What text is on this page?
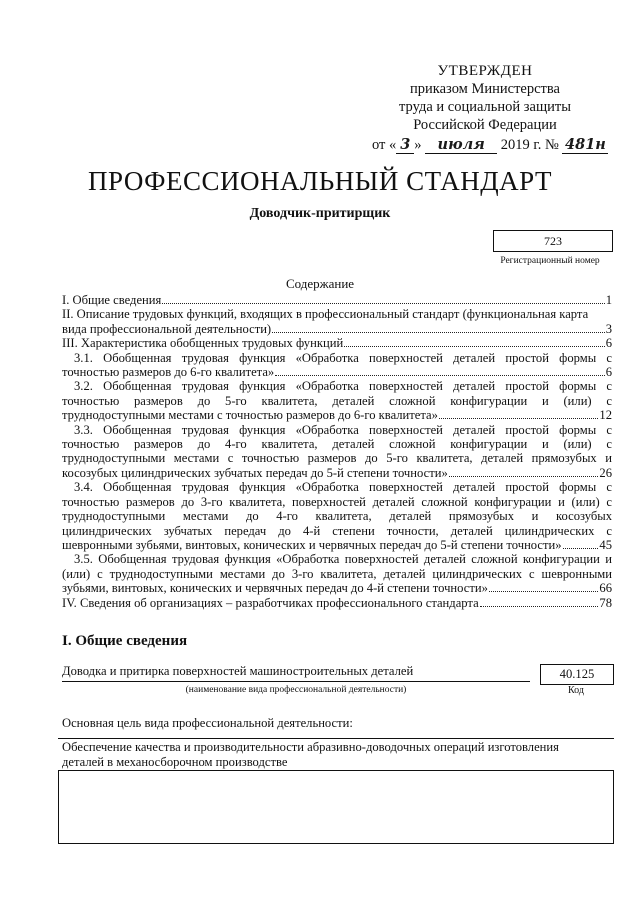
УТВЕРЖДЕН
приказом Министерства
труда и социальной защиты
Российской Федерации
от « 3 » июля 2019 г. № 481н
ПРОФЕССИОНАЛЬНЫЙ СТАНДАРТ
Доводчик-притирщик
723
Регистрационный номер
Содержание
I. Общие сведения	1
II. Описание трудовых функций, входящих в профессиональный стандарт (функциональная карта
вида профессиональной деятельности)	3
III. Характеристика обобщенных трудовых функций	6
3.1. Обобщенная трудовая функция «Обработка поверхностей деталей простой формы с
точностью размеров до 6-го квалитета»	6
3.2. Обобщенная трудовая функция «Обработка поверхностей деталей простой формы с
точностью размеров до 5-го квалитета, деталей сложной конфигурации и (или) с
труднодоступными местами с точностью размеров до 6-го квалитета»	12
3.3. Обобщенная трудовая функция «Обработка поверхностей деталей простой формы с
точностью размеров до 4-го квалитета, деталей сложной конфигурации и (или) с
труднодоступными местами с точностью размеров до 5-го квалитета, деталей прямозубых и
косозубых цилиндрических зубчатых передач до 5-й степени точности»	26
3.4. Обобщенная трудовая функция «Обработка поверхностей деталей простой формы с
точностью размеров до 3-го квалитета, поверхностей деталей сложной конфигурации и (или) с
труднодоступными местами до 4-го квалитета, деталей прямозубых и косозубых
цилиндрических зубчатых передач до 4-й степени точности, деталей цилиндрических с
шевронными зубьями, винтовых, конических и червячных передач до 5-й степени точности»	45
3.5. Обобщенная трудовая функция «Обработка поверхностей деталей сложной конфигурации и
(или) с труднодоступными местами до 3-го квалитета, деталей цилиндрических с шевронными
зубьями, винтовых, конических и червячных передач до 4-й степени точности»	66
IV. Сведения об организациях – разработчиках профессионального стандарта	78
I. Общие сведения
Доводка и притирка поверхностей машиностроительных деталей
(наименование вида профессиональной деятельности)
40.125
Код
Основная цель вида профессиональной деятельности:
Обеспечение качества и производительности абразивно-доводочных операций изготовления
деталей в механосборочном производстве
